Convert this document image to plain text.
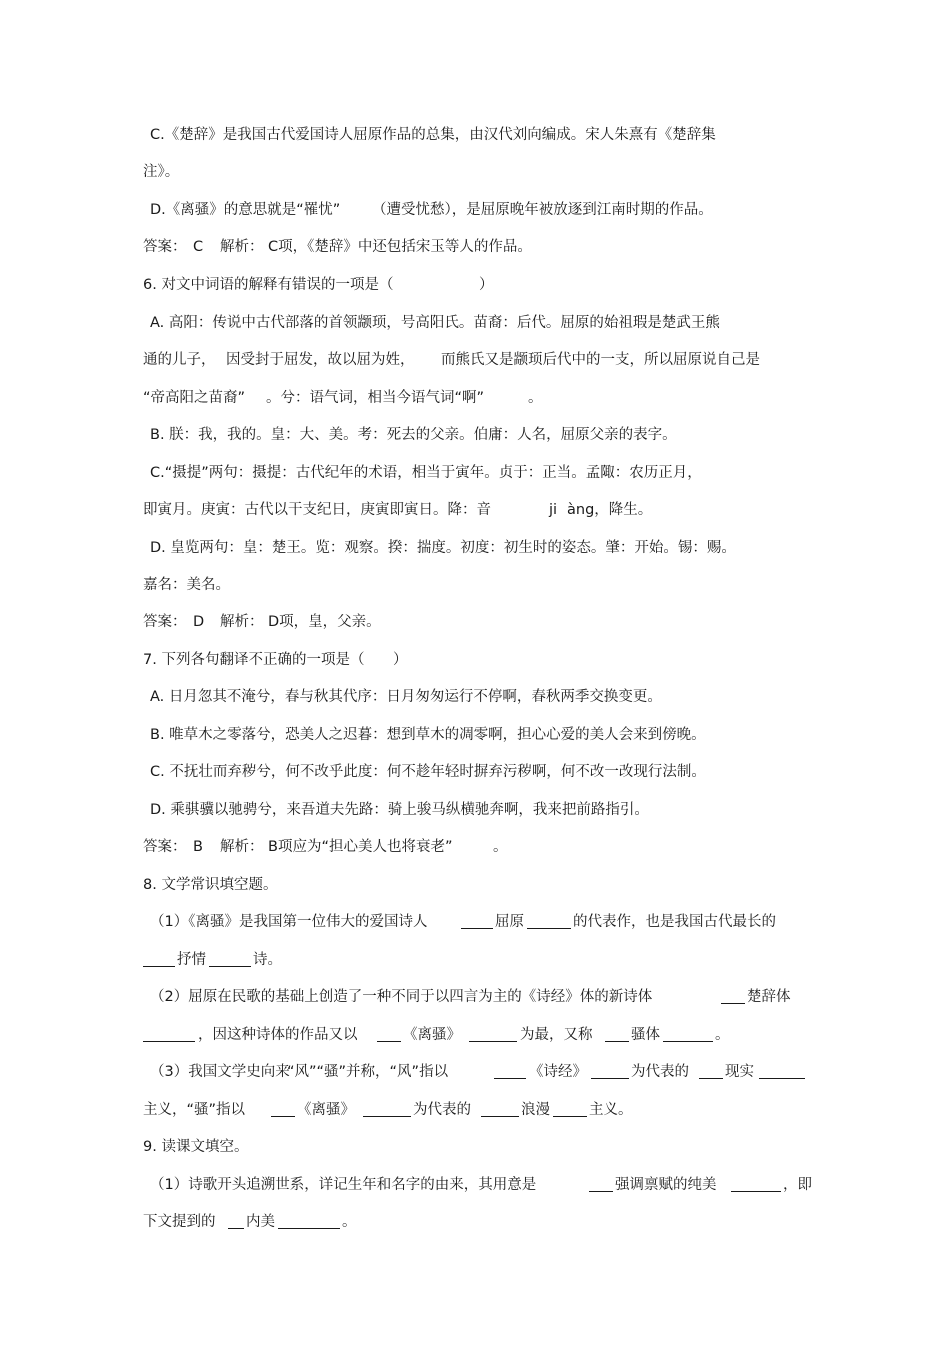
C.《楚辞》是我国古代爱国诗人屈原作品的总集，由汉代刘向编成。宋人朱熹有《楚辞集
注》。
D.《离骚》的意思就是“罹忧” （遭受忧愁），是屈原晚年被放逐到江南时期的作品。
答案： C 解析： C项，《楚辞》中还包括宋玉等人的作品。
6. 对文中词语的解释有错误的一项是（	）
A. 高阳：传说中古代部落的首领颛顼，号高阳氏。苗裔：后代。屈原的始祖瑕是楚武王熊
通的儿子， 因受封于屈发，故以屈为姓， 而熊氏又是颛顼后代中的一支，所以屈原说自己是
“帝高阳之苗裔” 。兮：语气词，相当今语气词“啊”	。
B. 朕：我，我的。皇：大、美。考：死去的父亲。伯庸：人名，屈原父亲的表字。
C.“摄提”两句：摄提：古代纪年的术语，相当于寅年。贞于：正当。孟陬：农历正月，
即寅月。庚寅：古代以干支纪日，庚寅即寅日。降：音	ji àng，降生。
D. 皇览两句：皇：楚王。览：观察。揆：揣度。初度：初生时的姿态。肇：开始。锡：赐。
嘉名：美名。
答案： D 解析： D项，皇，父亲。
7. 下列各句翻译不正确的一项是（ ）
A. 日月忽其不淹兮，春与秋其代序：日月匆匆运行不停啊，春秋两季交换变更。
B. 唯草木之零落兮，恐美人之迟暮：想到草木的凋零啊，担心心爱的美人会来到傍晚。
C. 不抚壮而弃秽兮，何不改乎此度：何不趁年轻时摒弃污秽啊，何不改一改现行法制。
D. 乘骐骥以驰骋兮，来吾道夫先路：骑上骏马纵横驰奔啊，我来把前路指引。
答案： B 解析： B项应为“担心美人也将衰老”	。
8. 文学常识填空题。
（1）《离骚》是我国第一位伟大的爱国诗人	屈原	的代表作，也是我国古代最长的
抒情	诗。
（2）屈原在民歌的基础上创造了一种不同于以四言为主的《诗经》体的新诗体	楚辞体
，因这种诗体的作品又以	《离骚》	为最，又称	骚体	。
（3）我国文学史向来
“风”“骚”并称，“风”指以	《诗经》	为代表的 现实
主义，“骚”指以	《离骚》	为代表的	浪漫	主义。
9. 读课文填空。
（1）诗歌开头追溯世系，详记生年和名字的由来，其用意是	强调禀赋的纯美	，即
下文提到的 内美	。
